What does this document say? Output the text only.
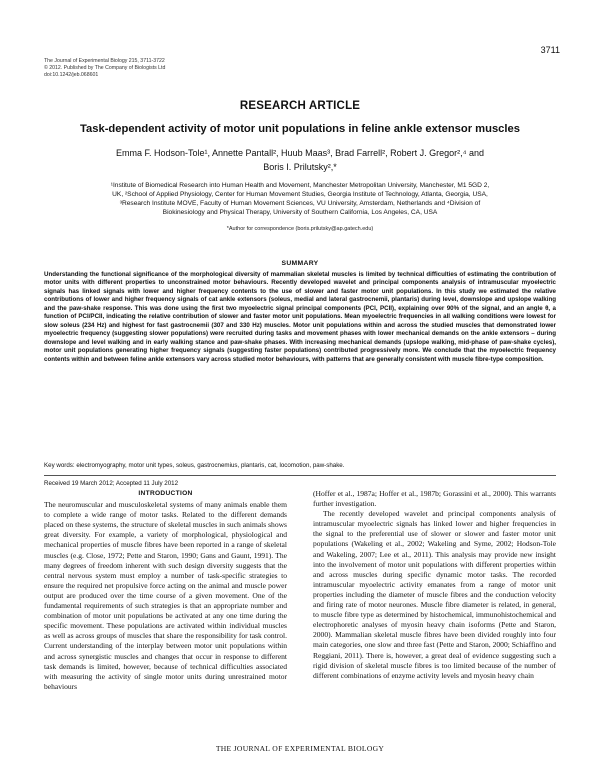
3711
The Journal of Experimental Biology 215, 3711-3722
© 2012. Published by The Company of Biologists Ltd
doi:10.1242/jeb.068601
RESEARCH ARTICLE
Task-dependent activity of motor unit populations in feline ankle extensor muscles
Emma F. Hodson-Tole¹, Annette Pantall², Huub Maas³, Brad Farrell², Robert J. Gregor²,⁴ and
Boris I. Prilutsky²,*
¹Institute of Biomedical Research into Human Health and Movement, Manchester Metropolitan University, Manchester, M1 5GD 2,
UK, ²School of Applied Physiology, Center for Human Movement Studies, Georgia Institute of Technology, Atlanta, Georgia, USA,
³Research Institute MOVE, Faculty of Human Movement Sciences, VU University, Amsterdam, Netherlands and ⁴Division of
Biokinesiology and Physical Therapy, University of Southern California, Los Angeles, CA, USA
*Author for correspondence (boris.prilutsky@ap.gatech.edu)
SUMMARY
Understanding the functional significance of the morphological diversity of mammalian skeletal muscles is limited by technical difficulties of estimating the contribution of motor units with different properties to unconstrained motor behaviours. Recently developed wavelet and principal components analysis of intramuscular myoelectric signals has linked signals with lower and higher frequency contents to the use of slower and faster motor unit populations. In this study we estimated the relative contributions of lower and higher frequency signals of cat ankle extensors (soleus, medial and lateral gastrocnemii, plantaris) during level, downslope and upslope walking and the paw-shake response. This was done using the first two myoelectric signal principal components (PCI, PCII), explaining over 90% of the signal, and an angle θ, a function of PCI/PCII, indicating the relative contribution of slower and faster motor unit populations. Mean myoelectric frequencies in all walking conditions were lowest for slow soleus (234 Hz) and highest for fast gastrocnemii (307 and 330 Hz) muscles. Motor unit populations within and across the studied muscles that demonstrated lower myoelectric frequency (suggesting slower populations) were recruited during tasks and movement phases with lower mechanical demands on the ankle extensors – during downslope and level walking and in early walking stance and paw-shake phases. With increasing mechanical demands (upslope walking, mid-phase of paw-shake cycles), motor unit populations generating higher frequency signals (suggesting faster populations) contributed progressively more. We conclude that the myoelectric frequency contents within and between feline ankle extensors vary across studied motor behaviours, with patterns that are generally consistent with muscle fibre-type composition.
Key words: electromyography, motor unit types, soleus, gastrocnemius, plantaris, cat, locomotion, paw-shake.
Received 19 March 2012; Accepted 11 July 2012
INTRODUCTION

The neuromuscular and musculoskeletal systems of many animals enable them to complete a wide range of motor tasks. Related to the different demands placed on these systems, the structure of skeletal muscles in such animals shows great diversity. For example, a variety of morphological, physiological and mechanical properties of muscle fibres have been reported in a range of skeletal muscles (e.g. Close, 1972; Pette and Staron, 1990; Gans and Gaunt, 1991). The many degrees of freedom inherent with such design diversity suggests that the central nervous system must employ a number of task-specific strategies to ensure the required net propulsive force acting on the animal and muscle power output are produced over the time course of a given movement. One of the fundamental requirements of such strategies is that an appropriate number and combination of motor unit populations be activated at any one time during the specific movement. These populations are activated within individual muscles as well as across groups of muscles that share the responsibility for task control. Current understanding of the interplay between motor unit populations within and across synergistic muscles and changes that occur in response to different task demands is limited, however, because of technical difficulties associated with measuring the activity of single motor units during unrestrained motor behaviours

(Hoffer et al., 1987a; Hoffer et al., 1987b; Gorassini et al., 2000). This warrants further investigation.

The recently developed wavelet and principal components analysis of intramuscular myoelectric signals has linked lower and higher frequencies in the signal to the preferential use of slower or slower and faster motor unit populations (Wakeling et al., 2002; Wakeling and Syme, 2002; Hodson-Tole and Wakeling, 2007; Lee et al., 2011). This analysis may provide new insight into the involvement of motor unit populations with different properties within and across muscles during specific dynamic motor tasks. The recorded intramuscular myoelectric activity emanates from a range of motor unit properties including the diameter of muscle fibres and the conduction velocity and firing rate of motor neurones. Muscle fibre diameter is related, in general, to muscle fibre type as determined by histochemical, immunohistochemical and electrophoretic analyses of myosin heavy chain isoforms (Pette and Staron, 2000). Mammalian skeletal muscle fibres have been divided roughly into four main categories, one slow and three fast (Pette and Staron, 2000; Schiaffino and Reggiani, 2011). There is, however, a great deal of evidence suggesting such a rigid division of skeletal muscle fibres is too limited because of the number of different combinations of enzyme activity levels and myosin heavy chain

THE JOURNAL OF EXPERIMENTAL BIOLOGY
